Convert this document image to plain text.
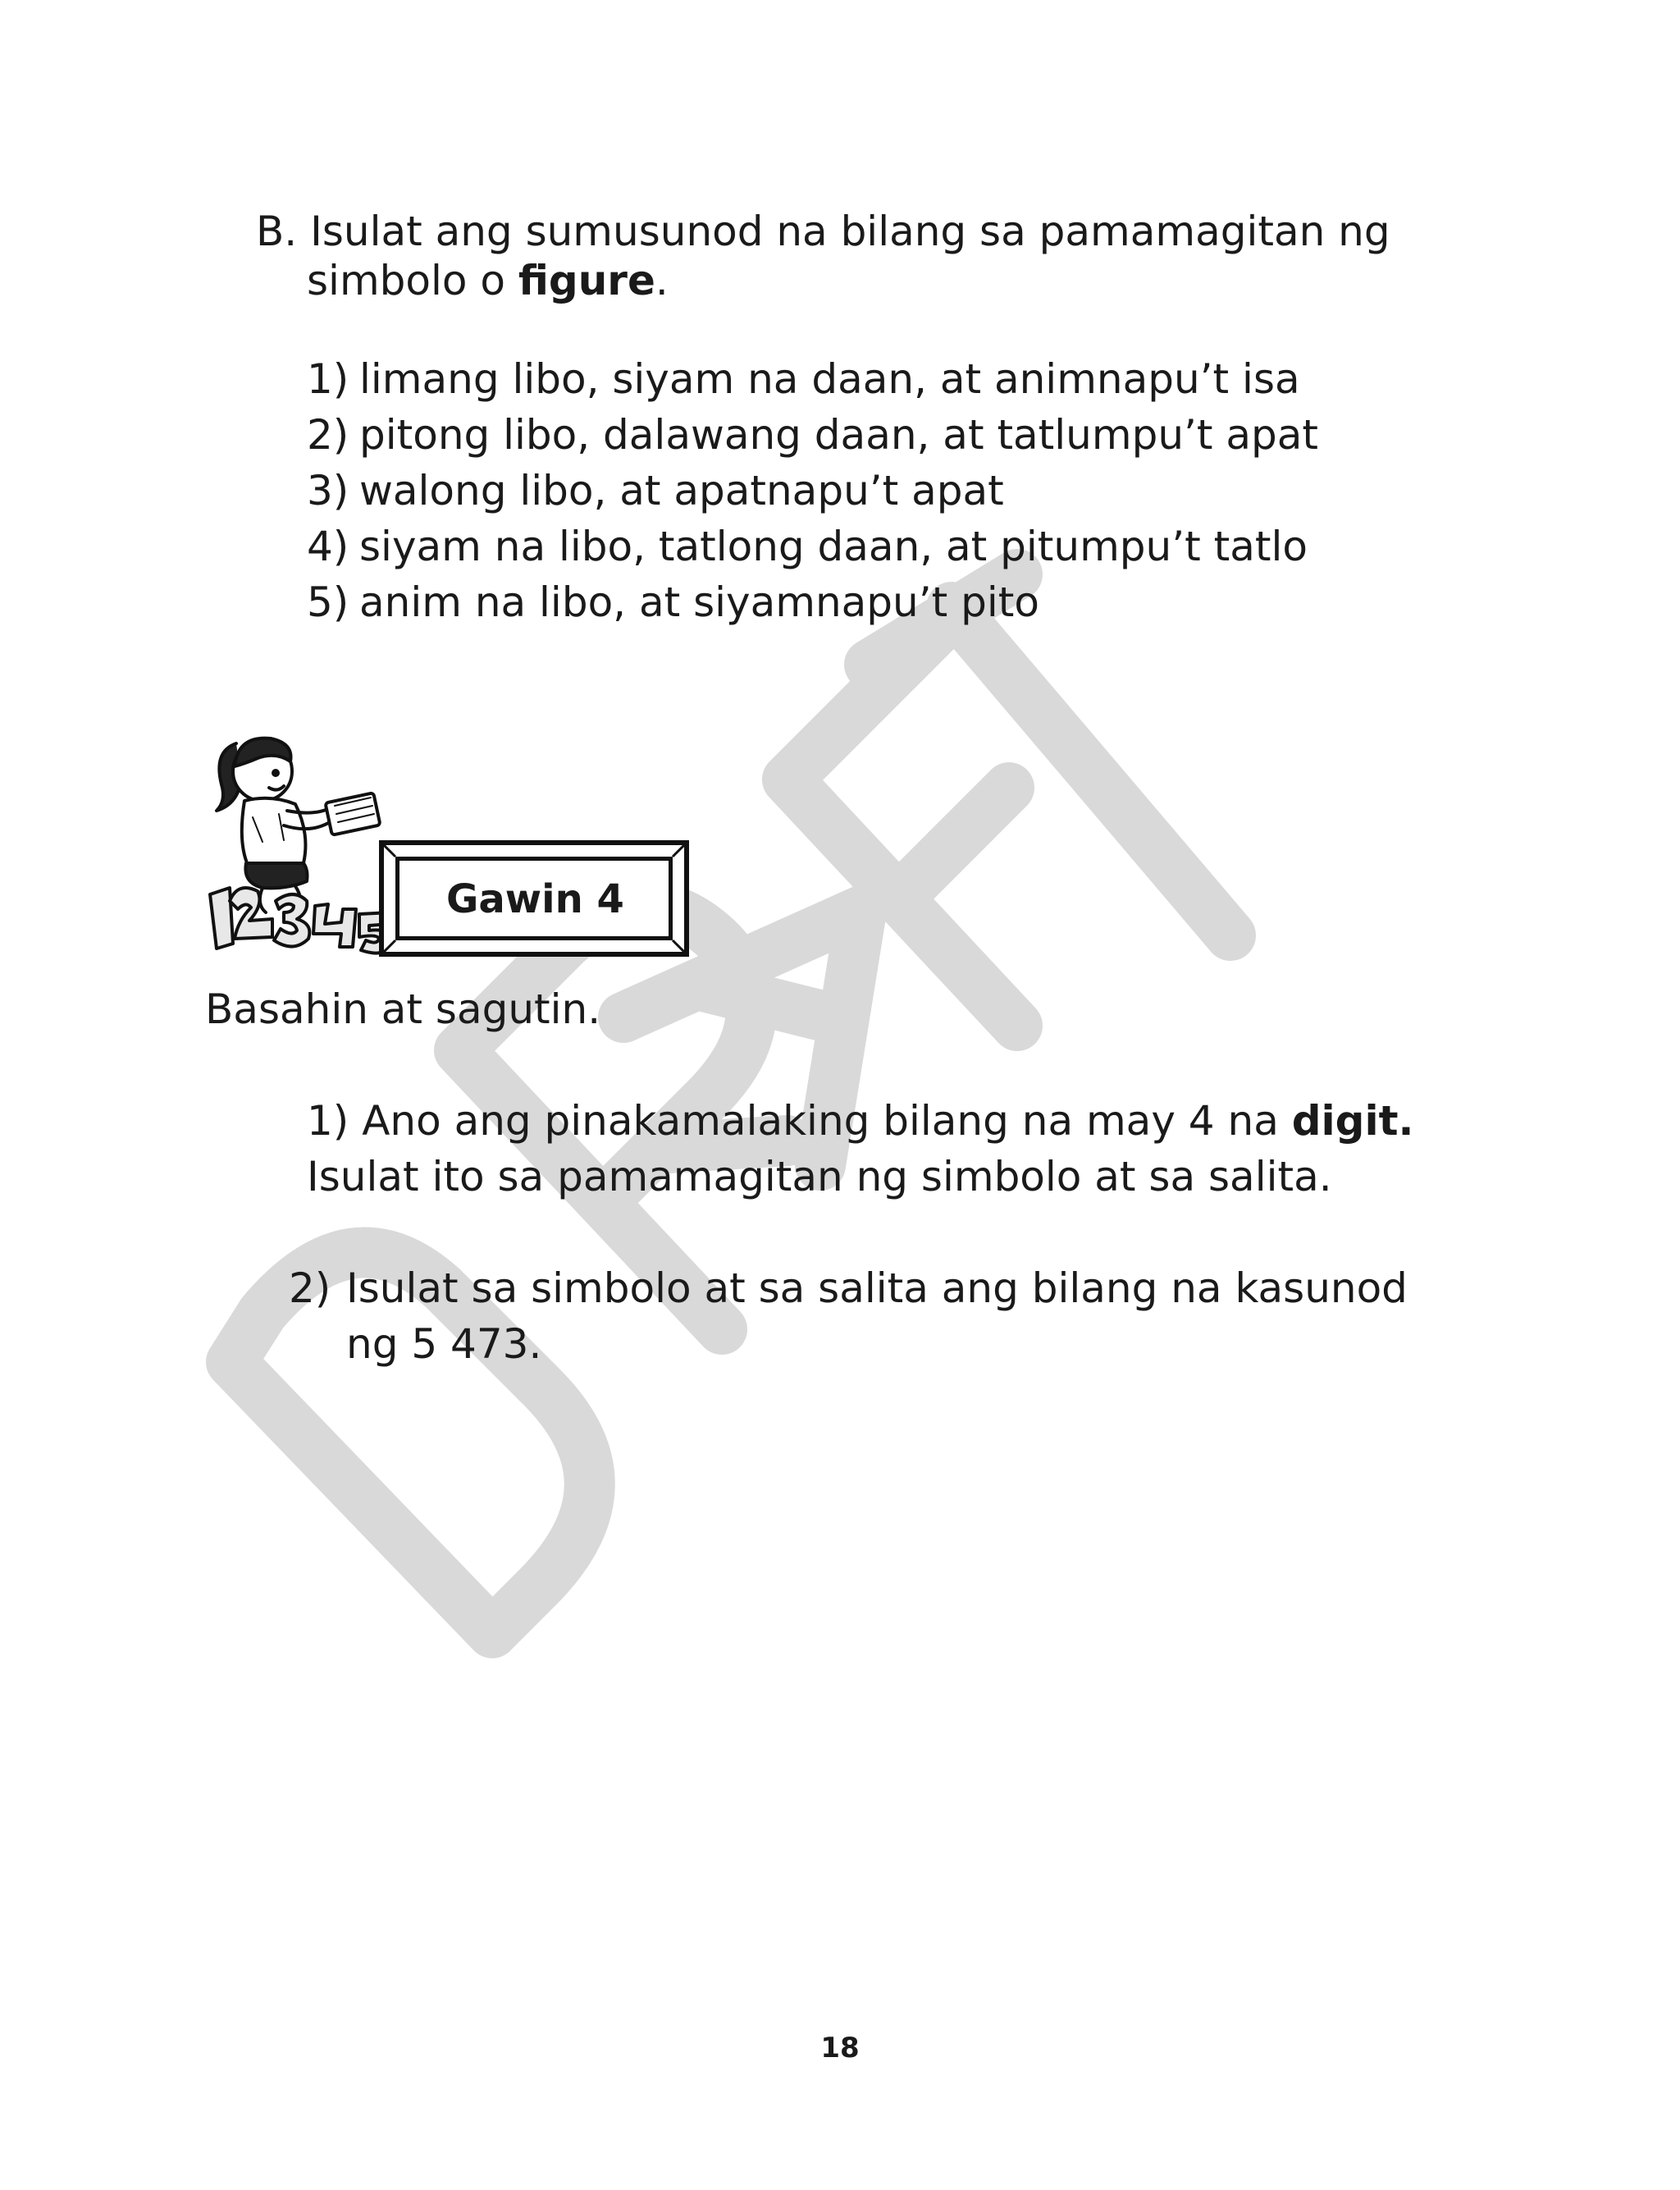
B. Isulat ang sumusunod na bilang sa pamamagitan ng
simbolo o figure.
1) limang libo, siyam na daan, at animnapu’t isa
2) pitong libo, dalawang daan, at tatlumpu’t apat
3) walong libo, at apatnapu’t apat
4) siyam na libo, tatlong daan, at pitumpu’t tatlo
5) anim na libo, at siyamnapu’t pito
Gawin 4
Basahin at sagutin.
1) Ano ang pinakamalaking bilang na may 4 na digit.
Isulat ito sa pamamagitan ng simbolo at sa salita.
2) Isulat sa simbolo at sa salita ang bilang na kasunod
ng 5 473.
18
